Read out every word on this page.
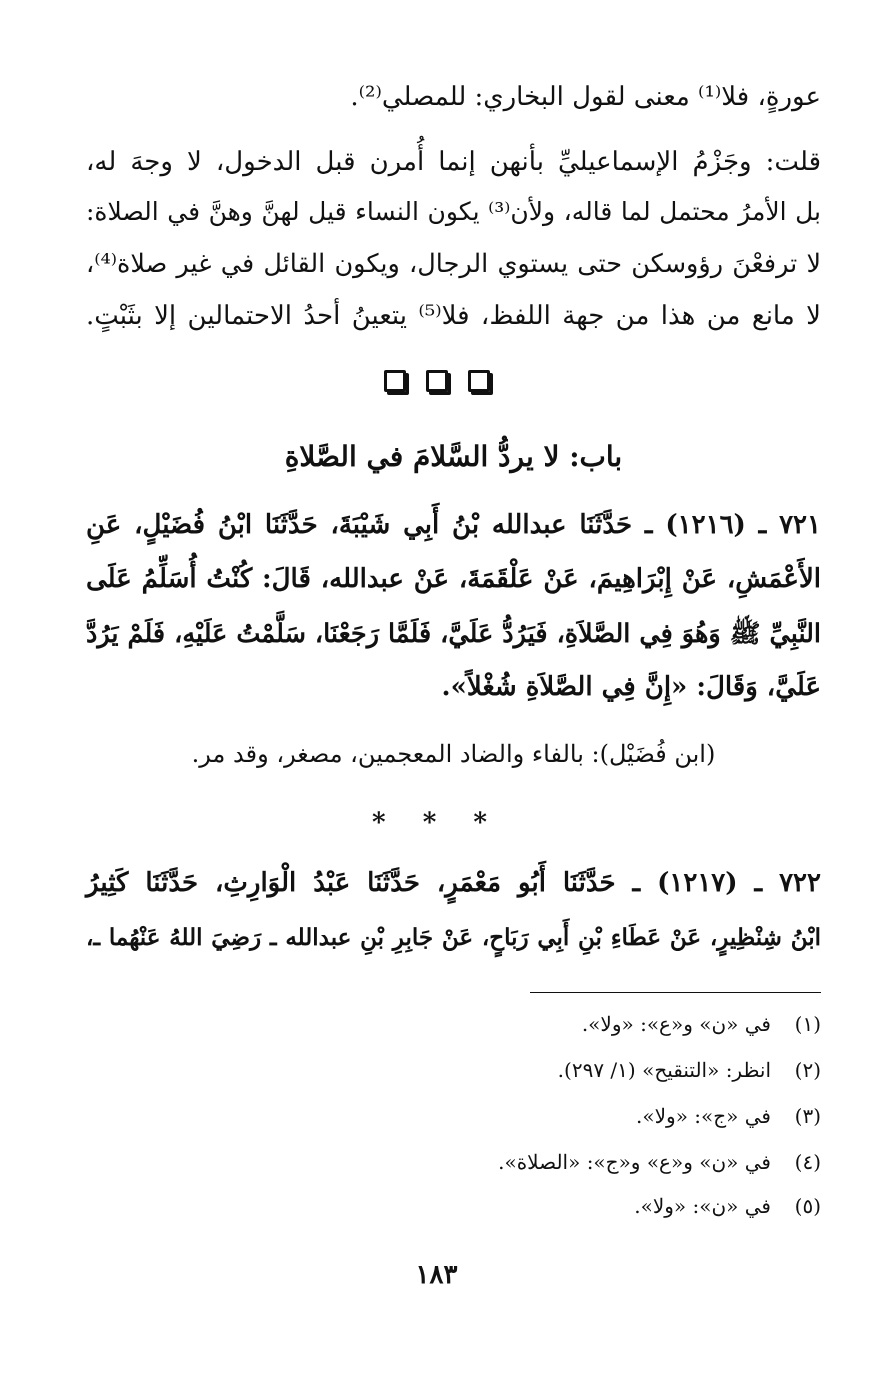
عورةٍ، فلا⁽¹⁾ معنى لقول البخاري: للمصلي⁽²⁾.
قلت: وجَزْمُ الإسماعيليِّ بأنهن إنما أُمرن قبل الدخول، لا وجهَ له،
بل الأمرُ محتمل لما قاله، ولأن⁽³⁾ يكون النساء قيل لهنَّ وهنَّ في الصلاة:
لا ترفعْنَ رؤوسكن حتى يستوي الرجال، ويكون القائل في غير صلاة⁽⁴⁾،
لا مانع من هذا من جهة اللفظ، فلا⁽⁵⁾ يتعينُ أحدُ الاحتمالين إلا بثَبْتٍ.
باب: لا يردُّ السَّلامَ في الصَّلاةِ
٧٢١ ـ (١٢١٦) ـ حَدَّثَنَا عبدالله بْنُ أَبِي شَيْبَةَ، حَدَّثَنَا ابْنُ فُضَيْلٍ، عَنِ
الأَعْمَشِ، عَنْ إِبْرَاهِيمَ، عَنْ عَلْقَمَةَ، عَنْ عبدالله، قَالَ: كُنْتُ أُسَلِّمُ عَلَى
النَّبِيِّ ﷺ وَهُوَ فِي الصَّلاَةِ، فَيَرُدُّ عَلَيَّ، فَلَمَّا رَجَعْنَا، سَلَّمْتُ عَلَيْهِ، فَلَمْ يَرُدَّ
عَلَيَّ، وَقَالَ: «إِنَّ فِي الصَّلاَةِ شُغْلاً».
(ابن فُضَيْل): بالفاء والضاد المعجمين، مصغر، وقد مر.
* * *
٧٢٢ ـ (١٢١٧) ـ حَدَّثَنَا أَبُو مَعْمَرٍ، حَدَّثَنَا عَبْدُ الْوَارِثِ، حَدَّثَنَا كَثِيرُ
ابْنُ شِنْظِيرٍ، عَنْ عَطَاءِ بْنِ أَبِي رَبَاحٍ، عَنْ جَابِرِ بْنِ عبدالله ـ رَضِيَ اللهُ عَنْهُما ـ،
(١)في «ن» و«ع»: «ولا».
(٢)انظر: «التنقيح» (١/ ٢٩٧).
(٣)في «ج»: «ولا».
(٤)في «ن» و«ع» و«ج»: «الصلاة».
(٥)في «ن»: «ولا».
١٨٣
